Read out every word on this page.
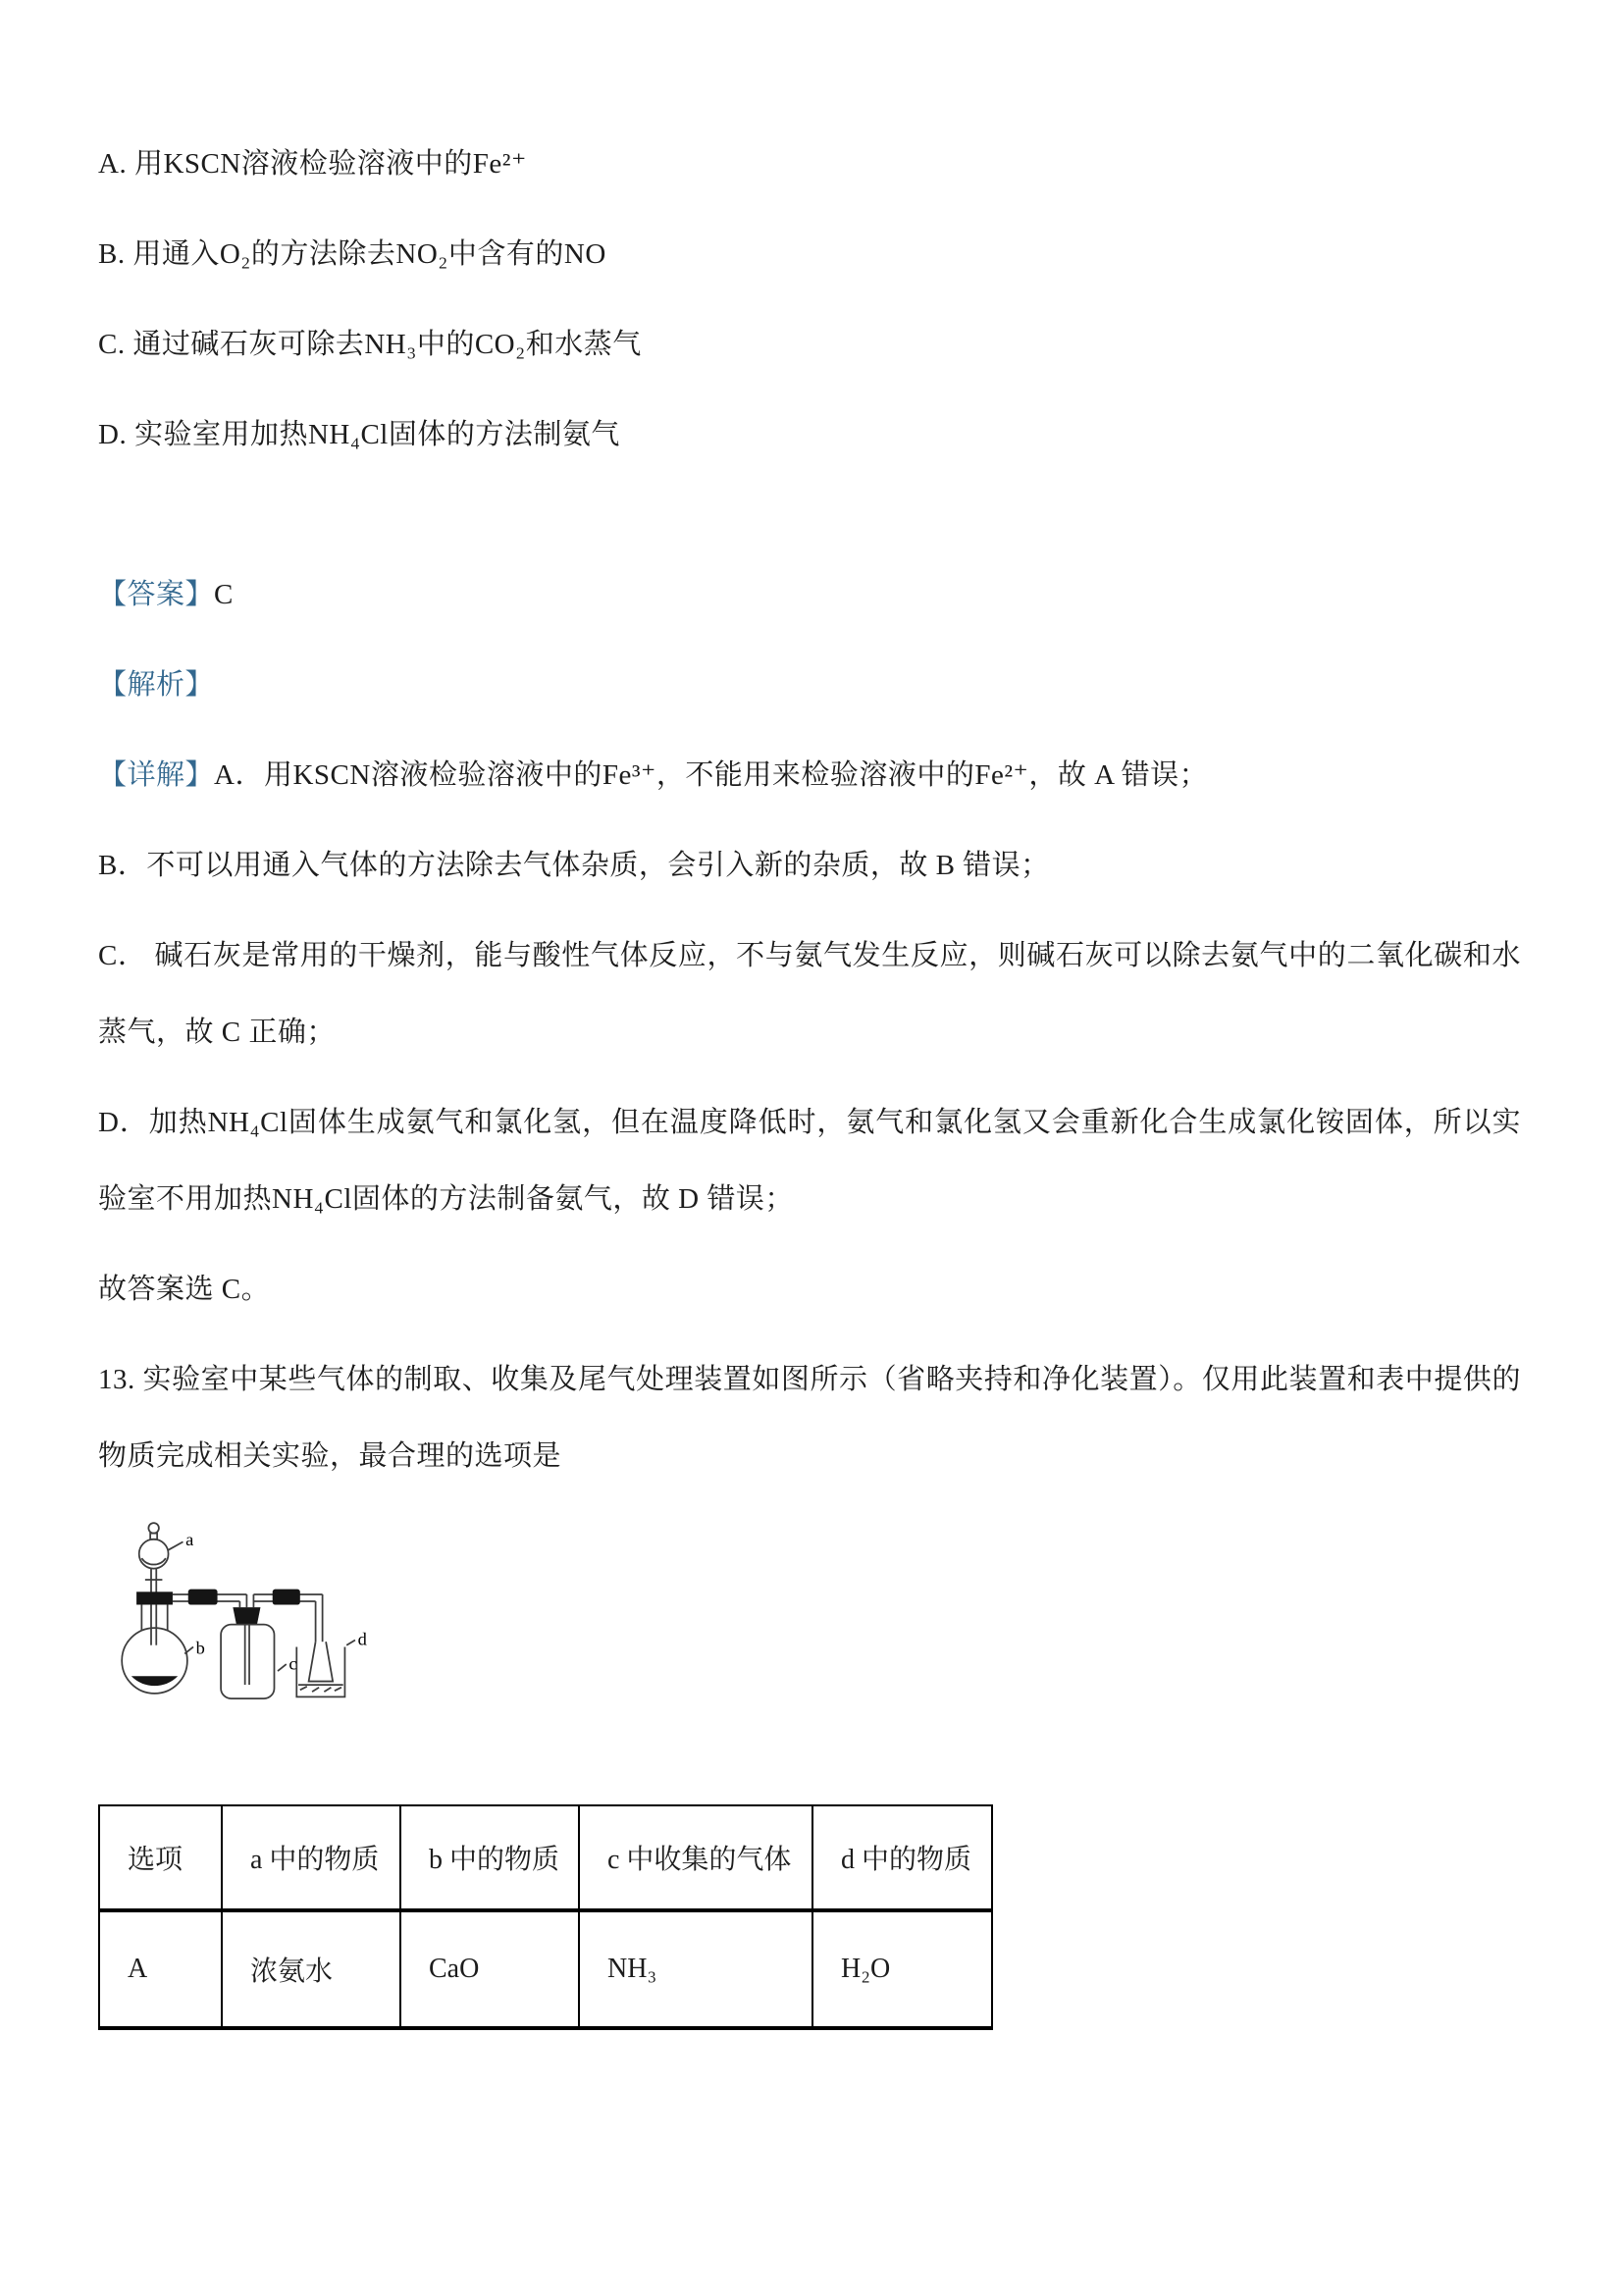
A. 用KSCN溶液检验溶液中的Fe²⁺

B. 用通入O₂的方法除去NO₂中含有的NO

C. 通过碱石灰可除去NH₃中的CO₂和水蒸气

D. 实验室用加热NH₄Cl固体的方法制氨气

【答案】C

【解析】

【详解】A．用KSCN溶液检验溶液中的Fe³⁺，不能用来检验溶液中的Fe²⁺，故 A 错误；

B．不可以用通入气体的方法除去气体杂质，会引入新的杂质，故 B 错误；

C． 碱石灰是常用的干燥剂，能与酸性气体反应，不与氨气发生反应，则碱石灰可以除去氨气中的二氧化碳和水蒸气，故 C 正确；

D．加热NH₄Cl固体生成氨气和氯化氢，但在温度降低时，氨气和氯化氢又会重新化合生成氯化铵固体，所以实验室不用加热NH₄Cl固体的方法制备氨气，故 D 错误；

故答案选 C。

13. 实验室中某些气体的制取、收集及尾气处理装置如图所示（省略夹持和净化装置）。仅用此装置和表中提供的物质完成相关实验，最合理的选项是

a
b
c
d
选项	a 中的物质	b 中的物质	c 中收集的气体	d 中的物质
A	浓氨水	CaO	NH₃	H₂O
